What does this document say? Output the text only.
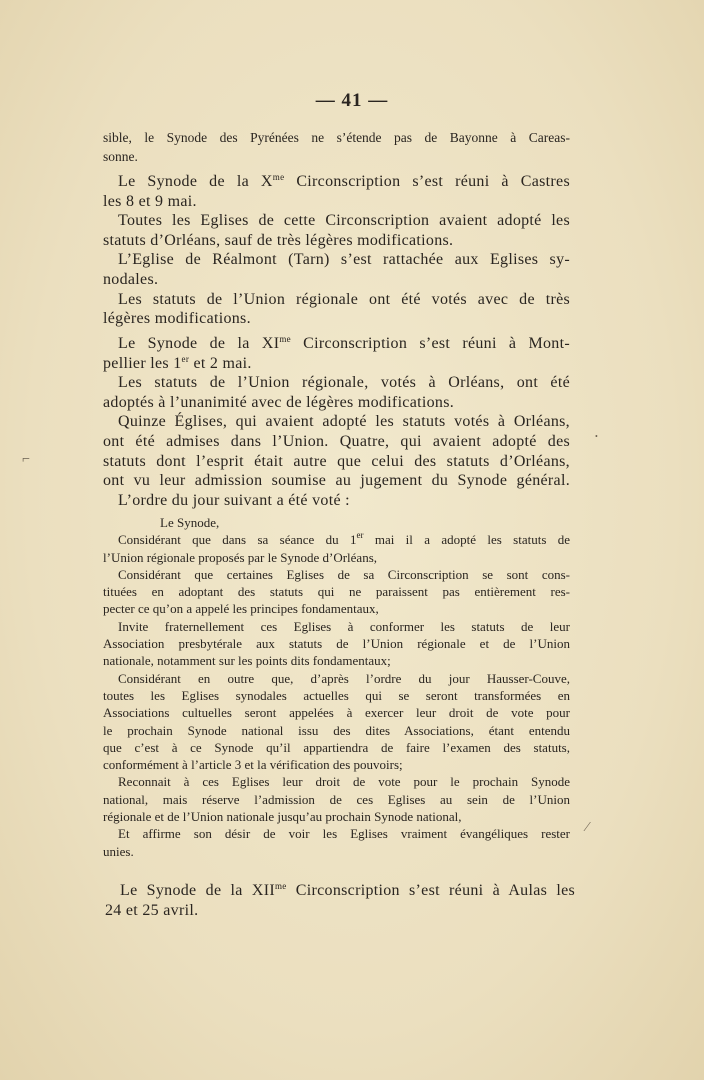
— 41 —
sible, le Synode des Pyrénées ne s’étende pas de Bayonne à Careas-
sonne.
Le Synode de la $X^{me}$ Circonscription s’est réuni à Castres
les 8 et 9 mai.
Toutes les Eglises de cette Circonscription avaient adopté les
statuts d’Orléans, sauf de très légères modifications.
L’Eglise de Réalmont (Tarn) s’est rattachée aux Eglises sy-
nodales.
Les statuts de l’Union régionale ont été votés avec de très
légères modifications.
Le Synode de la $XI^{me}$ Circonscription s’est réuni à Mont-
pellier les 1er et 2 mai.
Les statuts de l’Union régionale, votés à Orléans, ont été
adoptés à l’unanimité avec de légères modifications.
Quinze Églises, qui avaient adopté les statuts votés à Orléans,
ont été admises dans l’Union. Quatre, qui avaient adopté des
statuts dont l’esprit était autre que celui des statuts d’Orléans,
ont vu leur admission soumise au jugement du Synode général.
L’ordre du jour suivant a été voté :
Le Synode,
Considérant que dans sa séance du 1er mai il a adopté les statuts de
l’Union régionale proposés par le Synode d’Orléans,
Considérant que certaines Eglises de sa Circonscription se sont cons-
tituées en adoptant des statuts qui ne paraissent pas entièrement res-
pecter ce qu’on a appelé les principes fondamentaux,
Invite fraternellement ces Eglises à conformer les statuts de leur
Association presbytérale aux statuts de l’Union régionale et de l’Union
nationale, notamment sur les points dits fondamentaux;
Considérant en outre que, d’après l’ordre du jour Hausser-Couve,
toutes les Eglises synodales actuelles qui se seront transformées en
Associations cultuelles seront appelées à exercer leur droit de vote pour
le prochain Synode national issu des dites Associations, étant entendu
que c’est à ce Synode qu’il appartiendra de faire l’examen des statuts,
conformément à l’article 3 et la vérification des pouvoirs;
Reconnait à ces Eglises leur droit de vote pour le prochain Synode
national, mais réserve l’admission de ces Eglises au sein de l’Union
régionale et de l’Union nationale jusqu’au prochain Synode national,
Et affirme son désir de voir les Eglises vraiment évangéliques rester
unies.
Le Synode de la $XII^{me}$ Circonscription s’est réuni à Aulas les
24 et 25 avril.
⌐
•
⁄
